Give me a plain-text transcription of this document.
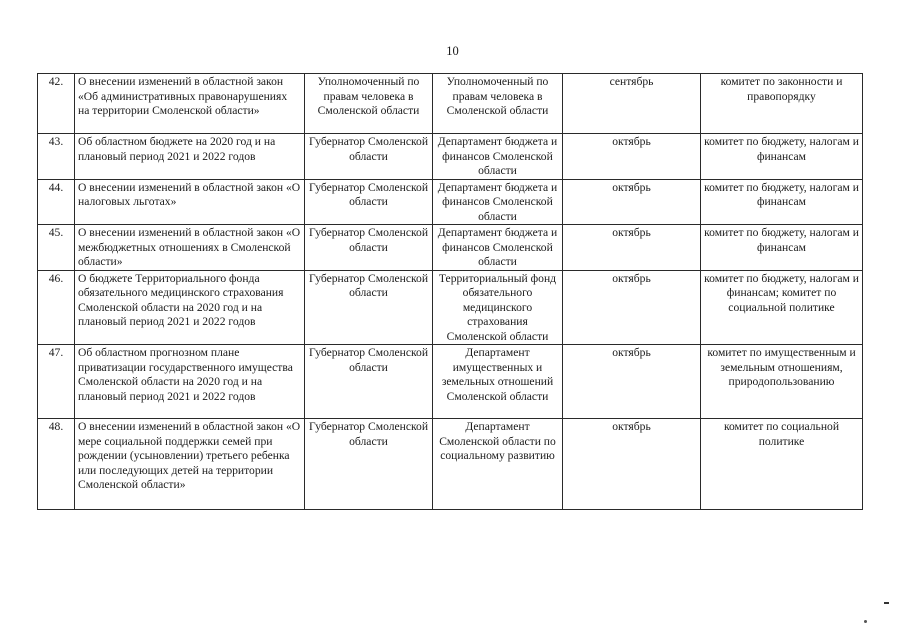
10
42.	О внесении изменений в областной закон «Об административных правонарушениях на территории Смоленской области»	Уполномоченный по правам человека в Смоленской области	Уполномоченный по правам человека в Смоленской области	сентябрь	комитет по законности и правопорядку
43.	Об областном бюджете на 2020 год и на плановый период 2021 и 2022 годов	Губернатор Смоленской области	Департамент бюджета и финансов Смоленской области	октябрь	комитет по бюджету, налогам и финансам
44.	О внесении изменений в областной закон «О налоговых льготах»	Губернатор Смоленской области	Департамент бюджета и финансов Смоленской области	октябрь	комитет по бюджету, налогам и финансам
45.	О внесении изменений в областной закон «О межбюджетных отношениях в Смоленской области»	Губернатор Смоленской области	Департамент бюджета и финансов Смоленской области	октябрь	комитет по бюджету, налогам и финансам
46.	О бюджете Территориального фонда обязательного медицинского страхования Смоленской области на 2020 год и на плановый период 2021 и 2022 годов	Губернатор Смоленской области	Территориальный фонд обязательного медицинского страхования Смоленской области	октябрь	комитет по бюджету, налогам и финансам; комитет по социальной политике
47.	Об областном прогнозном плане приватизации государственного имущества Смоленской области на 2020 год и на плановый период 2021 и 2022 годов	Губернатор Смоленской области	Департамент имущественных и земельных отношений Смоленской области	октябрь	комитет по имущественным и земельным отношениям, природопользованию
48.	О внесении изменений в областной закон «О мере социальной поддержки семей при рождении (усыновлении) третьего ребенка или последующих детей на территории Смоленской области»	Губернатор Смоленской области	Департамент Смоленской области по социальному развитию	октябрь	комитет по социальной политике
